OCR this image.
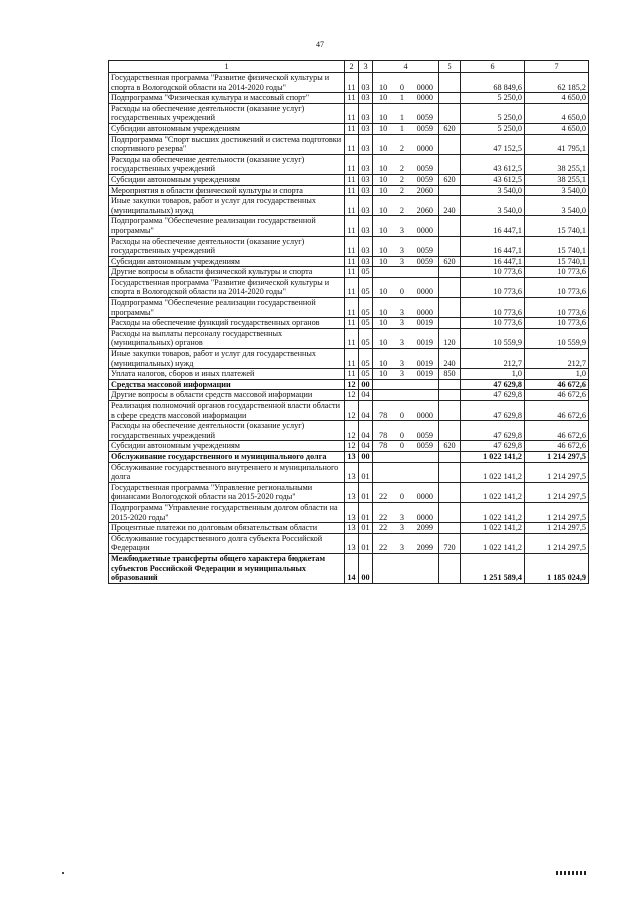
47
1	2	3	4	5	6	7
Государственная программа "Развитие физической культуры и спорта в Вологодской области на 2014-2020 годы"	11	03	10 0 0000		68 849,6	62 185,2
Подпрограмма "Физическая культура и массовый спорт"	11	03	10 1 0000		5 250,0	4 650,0
Расходы на обеспечение деятельности (оказание услуг) государственных учреждений	11	03	10 1 0059		5 250,0	4 650,0
Субсидии автономным учреждениям	11	03	10 1 0059	620	5 250,0	4 650,0
Подпрограмма "Спорт высших достижений и система подготовки спортивного резерва"	11	03	10 2 0000		47 152,5	41 795,1
Расходы на обеспечение деятельности (оказание услуг) государственных учреждений	11	03	10 2 0059		43 612,5	38 255,1
Субсидии автономным учреждениям	11	03	10 2 0059	620	43 612,5	38 255,1
Мероприятия в области физической культуры и спорта	11	03	10 2 2060		3 540,0	3 540,0
Иные закупки товаров, работ и услуг для государственных (муниципальных) нужд	11	03	10 2 2060	240	3 540,0	3 540,0
Подпрограмма "Обеспечение реализации государственной программы"	11	03	10 3 0000		16 447,1	15 740,1
Расходы на обеспечение деятельности (оказание услуг) государственных учреждений	11	03	10 3 0059		16 447,1	15 740,1
Субсидии автономным учреждениям	11	03	10 3 0059	620	16 447,1	15 740,1
Другие вопросы в области физической культуры и спорта	11	05			10 773,6	10 773,6
Государственная программа "Развитие физической культуры и спорта в Вологодской области на 2014-2020 годы"	11	05	10 0 0000		10 773,6	10 773,6
Подпрограмма "Обеспечение реализации государственной программы"	11	05	10 3 0000		10 773,6	10 773,6
Расходы на обеспечение функций государственных органов	11	05	10 3 0019		10 773,6	10 773,6
Расходы на выплаты персоналу государственных (муниципальных) органов	11	05	10 3 0019	120	10 559,9	10 559,9
Иные закупки товаров, работ и услуг для государственных (муниципальных) нужд	11	05	10 3 0019	240	212,7	212,7
Уплата налогов, сборов и иных платежей	11	05	10 3 0019	850	1,0	1,0
Средства массовой информации	12	00			47 629,8	46 672,6
Другие вопросы в области средств массовой информации	12	04			47 629,8	46 672,6
Реализация полномочий органов государственной власти области в сфере средств массовой информации	12	04	78 0 0000		47 629,8	46 672,6
Расходы на обеспечение деятельности (оказание услуг) государственных учреждений	12	04	78 0 0059		47 629,8	46 672,6
Субсидии автономным учреждениям	12	04	78 0 0059	620	47 629,8	46 672,6
Обслуживание государственного и муниципального долга	13	00			1 022 141,2	1 214 297,5
Обслуживание государственного внутреннего и муниципального долга	13	01			1 022 141,2	1 214 297,5
Государственная программа "Управление региональными финансами Вологодской области на 2015-2020 годы"	13	01	22 0 0000		1 022 141,2	1 214 297,5
Подпрограмма "Управление государственным долгом области на 2015-2020 годы"	13	01	22 3 0000		1 022 141,2	1 214 297,5
Процентные платежи по долговым обязательствам области	13	01	22 3 2099		1 022 141,2	1 214 297,5
Обслуживание государственного долга субъекта Российской Федерации	13	01	22 3 2099	720	1 022 141,2	1 214 297,5
Межбюджетные трансферты общего характера бюджетам субъектов Российской Федерации и муниципальных образований	14	00			1 251 589,4	1 185 024,9
